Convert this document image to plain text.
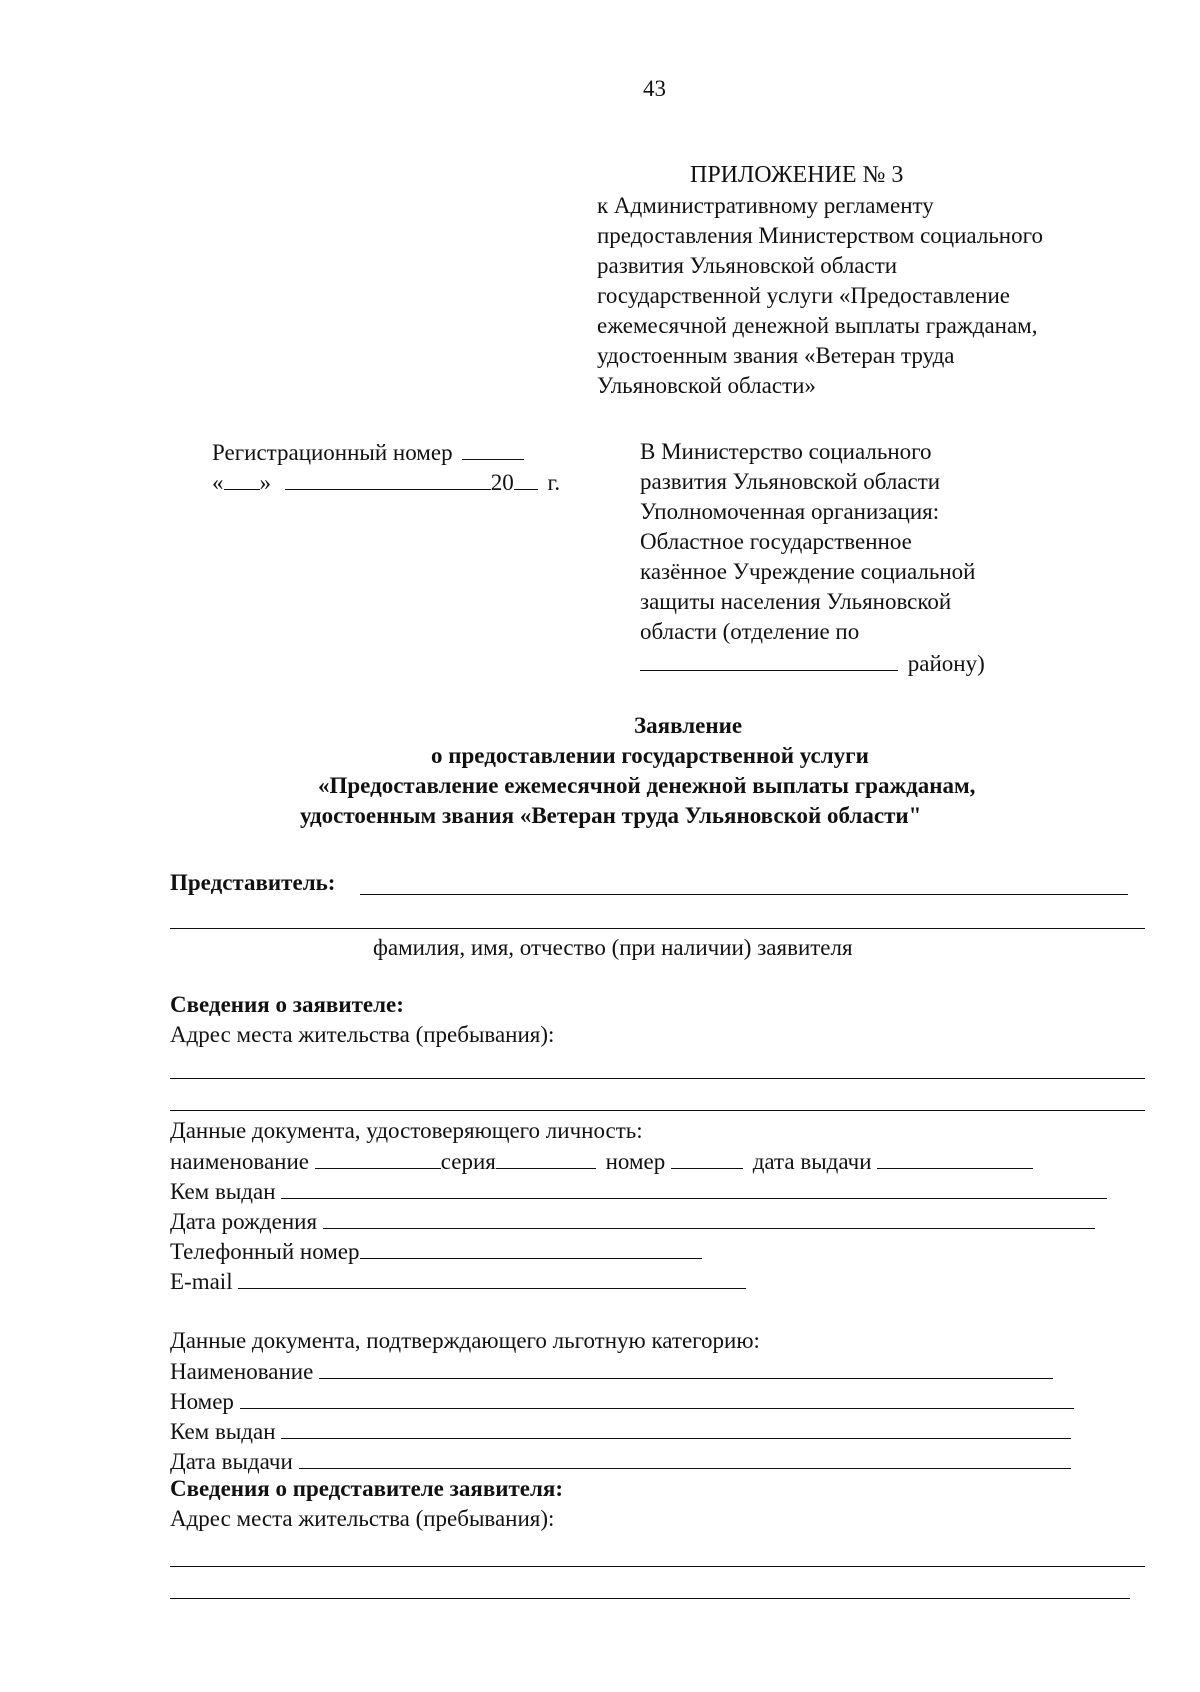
43
ПРИЛОЖЕНИЕ № 3
к Административному регламенту
предоставления Министерством социального
развития Ульяновской области
государственной услуги «Предоставление
ежемесячной денежной выплаты гражданам,
удостоенным звания «Ветеран труда
Ульяновской области»
Регистрационный номер
« »	20 г.
В Министерство социального
развития Ульяновской области
Уполномоченная организация:
Областное государственное
казённое Учреждение социальной
защиты населения Ульяновской
области (отделение по
району)
Заявление
о предоставлении государственной услуги
«Предоставление ежемесячной денежной выплаты гражданам,
удостоенным звания «Ветеран труда Ульяновской области"
Представитель:
фамилия, имя, отчество (при наличии) заявителя
Сведения о заявителе:
Адрес места жительства (пребывания):
Данные документа, удостоверяющего личность:
наименование	серия	номер	дата выдачи
Кем выдан
Дата рождения
Телефонный номер
E-mail
Данные документа, подтверждающего льготную категорию:
Наименование
Номер
Кем выдан
Дата выдачи
Сведения о представителе заявителя:
Адрес места жительства (пребывания):
